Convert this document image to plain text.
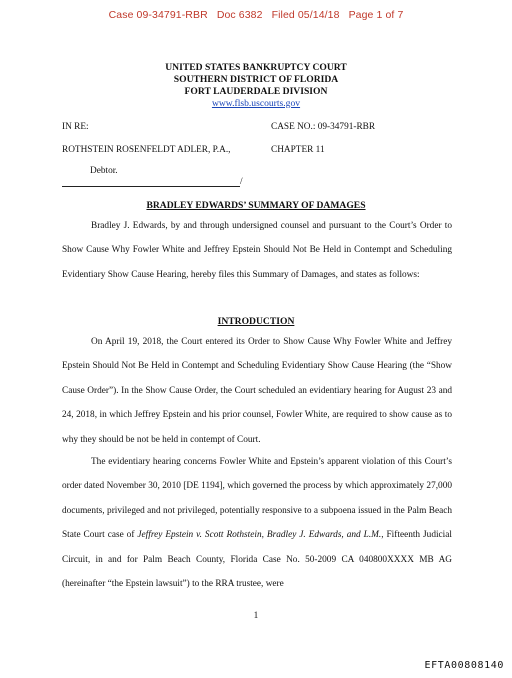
Case 09-34791-RBR Doc 6382 Filed 05/14/18 Page 1 of 7
UNITED STATES BANKRUPTCY COURT
SOUTHERN DISTRICT OF FLORIDA
FORT LAUDERDALE DIVISION
www.flsb.uscourts.gov
IN RE:	CASE NO.: 09-34791-RBR
ROTHSTEIN ROSENFELDT ADLER, P.A.,	CHAPTER 11
Debtor.
/
BRADLEY EDWARDS’ SUMMARY OF DAMAGES

Bradley J. Edwards, by and through undersigned counsel and pursuant to the Court’s Order to Show Cause Why Fowler White and Jeffrey Epstein Should Not Be Held in Contempt and Scheduling Evidentiary Show Cause Hearing, hereby files this Summary of Damages, and states as follows:

INTRODUCTION

On April 19, 2018, the Court entered its Order to Show Cause Why Fowler White and Jeffrey Epstein Should Not Be Held in Contempt and Scheduling Evidentiary Show Cause Hearing (the “Show Cause Order”). In the Show Cause Order, the Court scheduled an evidentiary hearing for August 23 and 24, 2018, in which Jeffrey Epstein and his prior counsel, Fowler White, are required to show cause as to why they should be not be held in contempt of Court.

The evidentiary hearing concerns Fowler White and Epstein’s apparent violation of this Court’s order dated November 30, 2010 [DE 1194], which governed the process by which approximately 27,000 documents, privileged and not privileged, potentially responsive to a subpoena issued in the Palm Beach State Court case of Jeffrey Epstein v. Scott Rothstein, Bradley J. Edwards, and L.M., Fifteenth Judicial Circuit, in and for Palm Beach County, Florida Case No. 50-2009 CA 040800XXXX MB AG (hereinafter “the Epstein lawsuit”) to the RRA trustee, were

1
EFTA00808140
